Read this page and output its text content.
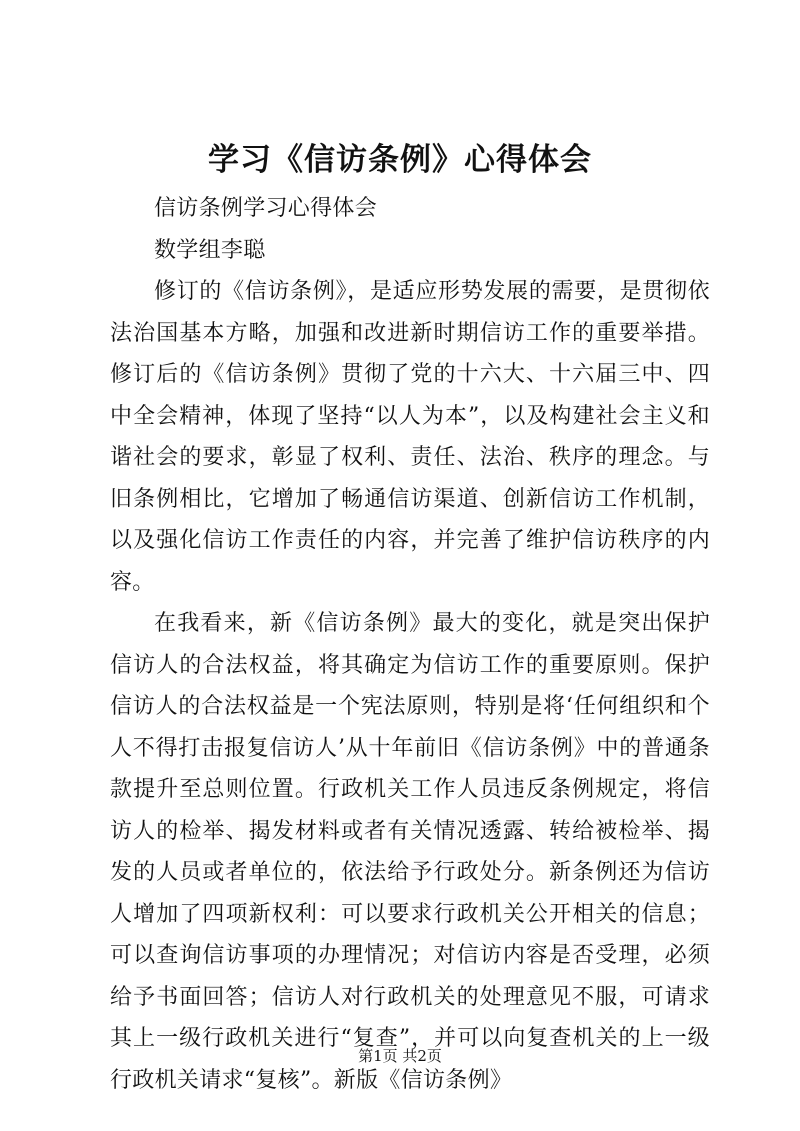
学习《信访条例》心得体会

信访条例学习心得体会

数学组李聪

修订的《信访条例》，是适应形势发展的需要，是贯彻依法治国基本方略，加强和改进新时期信访工作的重要举措。修订后的《信访条例》贯彻了党的十六大、十六届三中、四中全会精神，体现了坚持“以人为本”，以及构建社会主义和谐社会的要求，彰显了权利、责任、法治、秩序的理念。与旧条例相比，它增加了畅通信访渠道、创新信访工作机制，以及强化信访工作责任的内容，并完善了维护信访秩序的内容。

在我看来，新《信访条例》最大的变化，就是突出保护信访人的合法权益，将其确定为信访工作的重要原则。保护信访人的合法权益是一个宪法原则，特别是将‘任何组织和个人不得打击报复信访人’从十年前旧《信访条例》中的普通条款提升至总则位置。行政机关工作人员违反条例规定，将信访人的检举、揭发材料或者有关情况透露、转给被检举、揭发的人员或者单位的，依法给予行政处分。新条例还为信访人增加了四项新权利：可以要求行政机关公开相关的信息；可以查询信访事项的办理情况；对信访内容是否受理，必须给予书面回答；信访人对行政机关的处理意见不服，可请求其上一级行政机关进行“复查”，并可以向复查机关的上一级行政机关请求“复核”。新版《信访条例》

第1页 共2页
